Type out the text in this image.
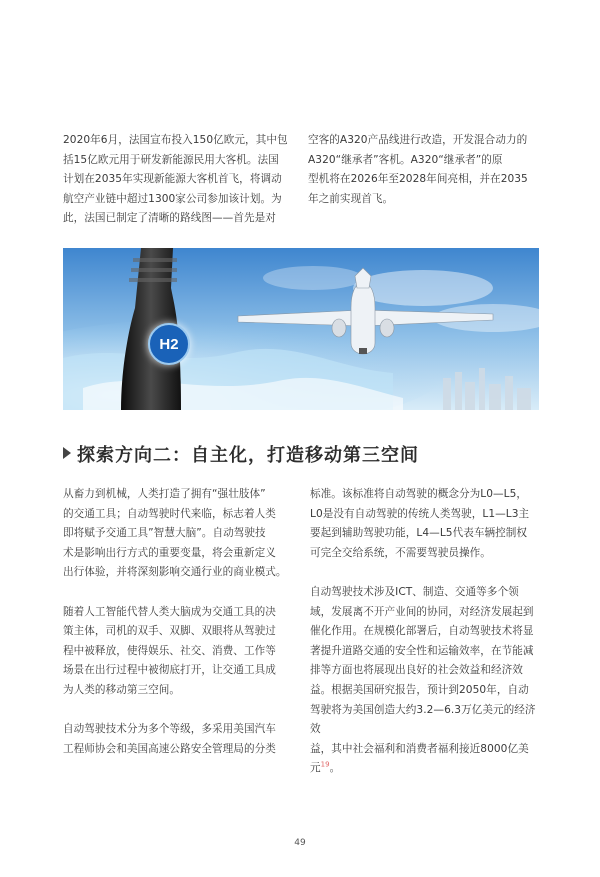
2020年6月，法国宣布投入150亿欧元，其中包

括15亿欧元用于研发新能源民用大客机。法国

计划在2035年实现新能源大客机首飞，将调动

航空产业链中超过1300家公司参加该计划。为

此，法国已制定了清晰的路线图——首先是对

空客的A320产品线进行改造，开发混合动力的

A320“继承者”客机。A320“继承者”的原

型机将在2026年至2028年间亮相，并在2035

年之前实现首飞。

H2
探索方向二：自主化，打造移动第三空间

从畜力到机械，人类打造了拥有“强壮肢体”

的交通工具；自动驾驶时代来临，标志着人类

即将赋予交通工具”智慧大脑”。自动驾驶技

术是影响出行方式的重要变量，将会重新定义

出行体验，并将深刻影响交通行业的商业模式。

随着人工智能代替人类大脑成为交通工具的决

策主体，司机的双手、双脚、双眼将从驾驶过

程中被释放，使得娱乐、社交、消费、工作等

场景在出行过程中被彻底打开，让交通工具成

为人类的移动第三空间。

自动驾驶技术分为多个等级，多采用美国汽车

工程师协会和美国高速公路安全管理局的分类

标准。该标准将自动驾驶的概念分为L0—L5，

L0是没有自动驾驶的传统人类驾驶，L1—L3主

要起到辅助驾驶功能，L4—L5代表车辆控制权

可完全交给系统，不需要驾驶员操作。

自动驾驶技术涉及ICT、制造、交通等多个领

域，发展离不开产业间的协同，对经济发展起到

催化作用。在规模化部署后，自动驾驶技术将显

著提升道路交通的安全性和运输效率，在节能减

排等方面也将展现出良好的社会效益和经济效

益。根据美国研究报告，预计到2050年，自动

驾驶将为美国创造大约3.2—6.3万亿美元的经济效

益，其中社会福利和消费者福利接近8000亿美

元$^{19}$。

49
